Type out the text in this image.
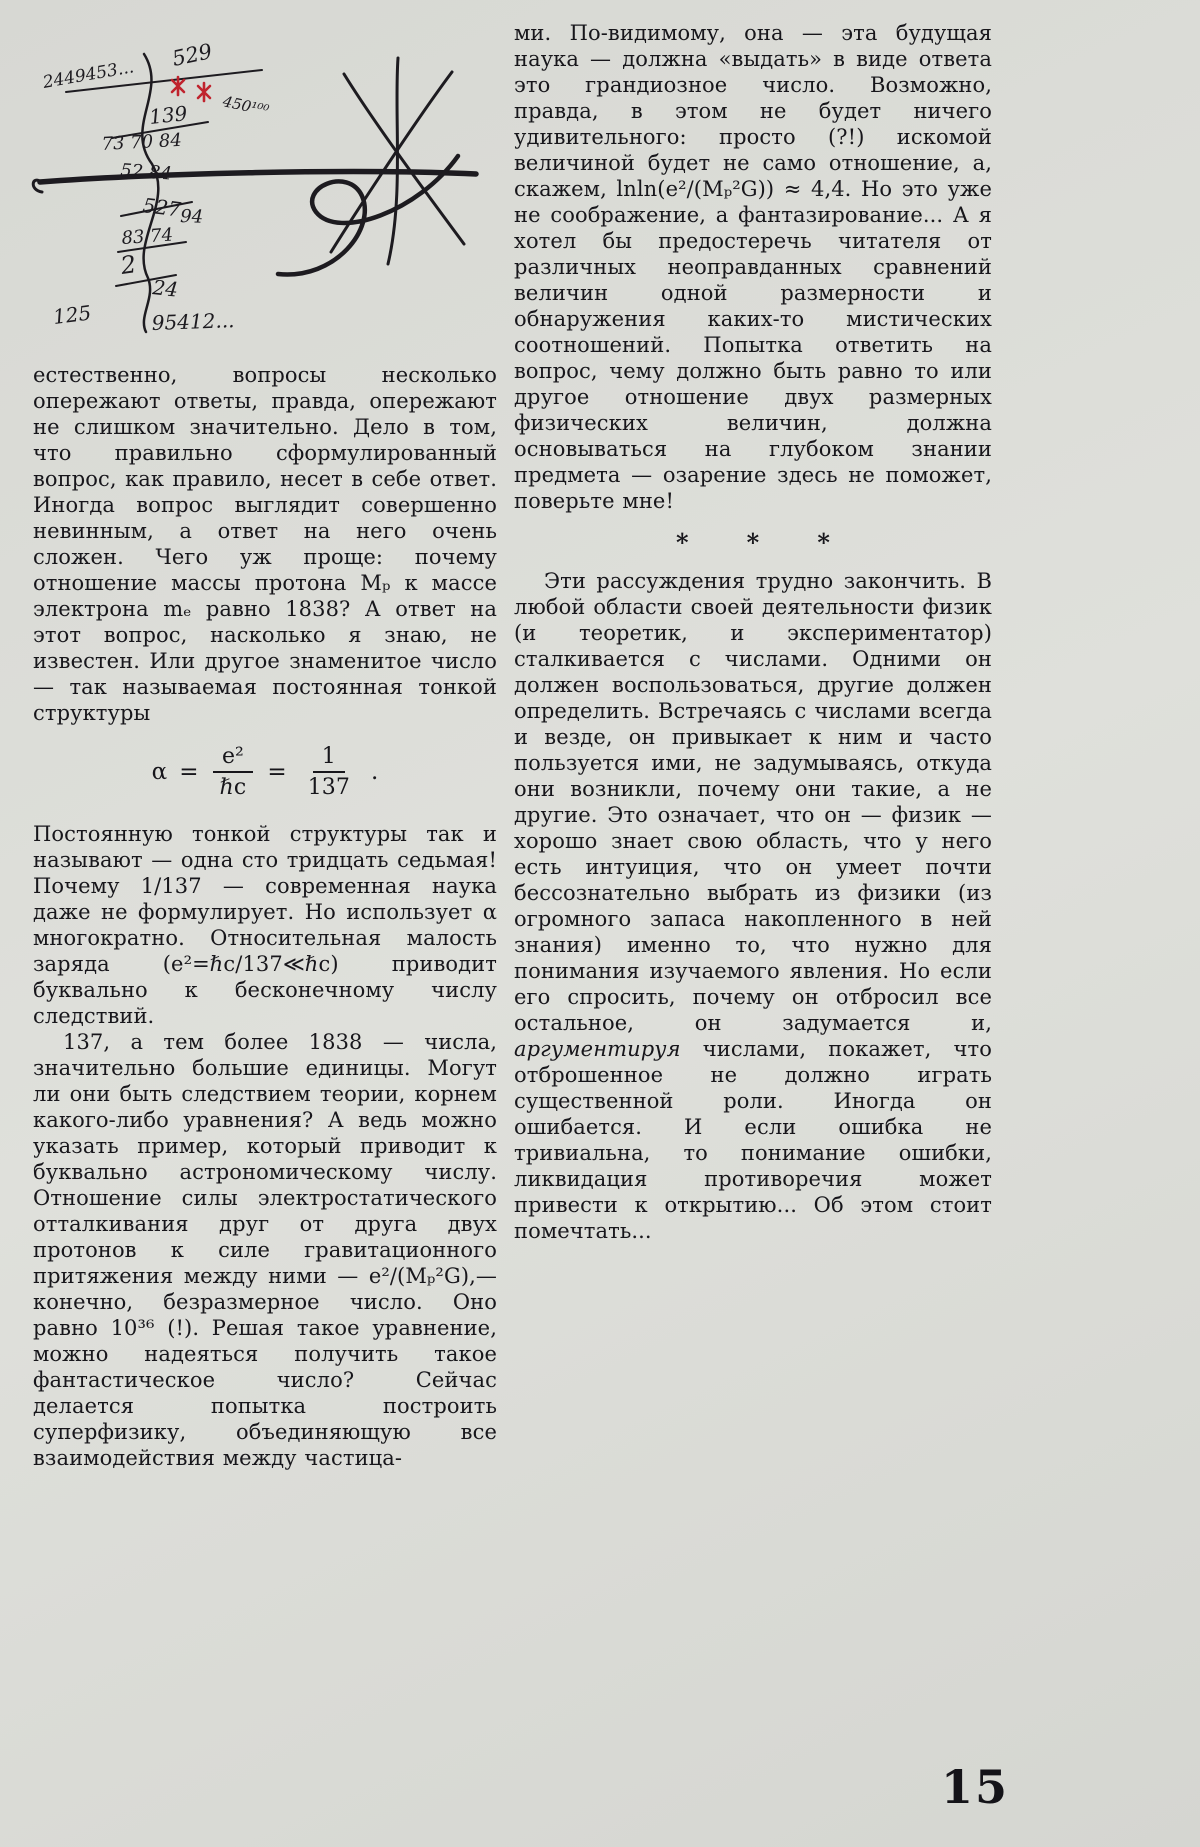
2449453...
529
450¹⁰⁰
139
73 70 84
52 84
527
94
83 74
2
24
125	95412...

естественно, вопросы несколько опережают ответы, правда, опережают не слишком значительно. Дело в том, что правильно сформулированный вопрос, как правило, несет в себе ответ. Иногда вопрос выглядит совершенно невинным, а ответ на него очень сложен. Чего уж проще: почему отношение массы протона Mₚ к массе электрона mₑ равно 1838? А ответ на этот вопрос, насколько я знаю, не известен. Или другое знаменитое число — так называемая постоянная тонкой структуры

$\alpha = \frac{\text{e²}}{\text{ℏc}} = \frac{1}{137}$ .

Постоянную тонкой структуры так и называют — одна сто тридцать седьмая! Почему 1/137 — современная наука даже не формулирует. Но использует α многократно. Относительная малость заряда (e²=ℏc/137≪ℏc) приводит буквально к бесконечному числу следствий.

137, а тем более 1838 — числа, значительно большие единицы. Могут ли они быть следствием теории, корнем какого-либо уравнения? А ведь можно указать пример, который приводит к буквально астрономическому числу. Отношение силы электростатического отталкивания друг от друга двух протонов к силе гравитационного притяжения между ними — e²/(Mₚ²G),— конечно, безразмерное число. Оно равно 10³⁶ (!). Решая такое уравнение, можно надеяться получить такое фантастическое число? Сейчас делается попытка построить суперфизику, объединяющую все взаимодействия между частица-

ми. По-видимому, она — эта будущая наука — должна «выдать» в виде ответа это грандиозное число. Возможно, правда, в этом не будет ничего удивительного: просто (?!) искомой величиной будет не само отношение, а, скажем, lnln(e²/(Mₚ²G)) ≈ 4,4. Но это уже не соображение, а фантазирование... А я хотел бы предостеречь читателя от различных неоправданных сравнений величин одной размерности и обнаружения каких-то мистических соотношений. Попытка ответить на вопрос, чему должно быть равно то или другое отношение двух размерных физических величин, должна основываться на глубоком знании предмета — озарение здесь не поможет, поверьте мне!

* * *

Эти рассуждения трудно закончить. В любой области своей деятельности физик (и теоретик, и экспериментатор) сталкивается с числами. Одними он должен воспользоваться, другие должен определить. Встречаясь с числами всегда и везде, он привыкает к ним и часто пользуется ими, не задумываясь, откуда они возникли, почему они такие, а не другие. Это означает, что он — физик — хорошо знает свою область, что у него есть интуиция, что он умеет почти бессознательно выбрать из физики (из огромного запаса накопленного в ней знания) именно то, что нужно для понимания изучаемого явления. Но если его спросить, почему он отбросил все остальное, он задумается и, аргументируя числами, покажет, что отброшенное не должно играть существенной роли. Иногда он ошибается. И если ошибка не тривиальна, то понимание ошибки, ликвидация противоречия может привести к открытию... Об этом стоит помечтать...

15
